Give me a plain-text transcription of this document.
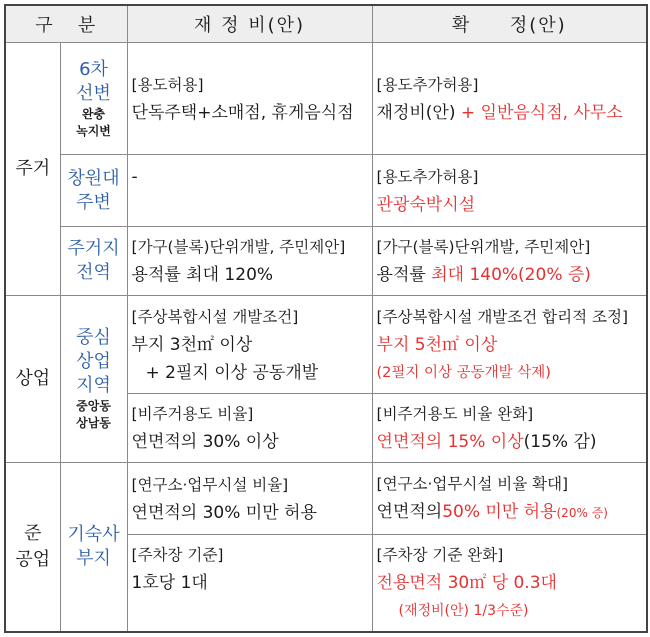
구   분		재 정 비(안)	확     정(안)
주거	6차
선변
완충
녹지변	[용도허용]
단독주택+소매점, 휴게음식점	[용도추가허용]
재정비(안) + 일반음식점, 사무소

	창원대
주변	-	[용도추가허용]
관광숙박시설

	주거지
전역	[가구(블록)단위개발, 주민제안]
용적률 최대 120%	[가구(블록)단위개발, 주민제안]
용적률 최대 140%(20% 증)

상업	중심
상업
지역
중앙동
상남동	[주상복합시설 개발조건]
부지 3천㎡ 이상
+ 2필지 이상 공동개발	[주상복합시설 개발조건 합리적 조정]
부지 5천㎡ 이상
(2필지 이상 공동개발 삭제)

		[비주거용도 비율]
연면적의 30% 이상	[비주거용도 비율 완화]
연면적의 15% 이상(15% 감)

준
공업	기숙사
부지	[연구소·업무시설 비율]
연면적의 30% 미만 허용	[연구소·업무시설 비율 확대]
연면적의50% 미만 허용(20% 증)

		[주차장 기준]
1호당 1대	[주차장 기준 완화]
전용면적 30㎡ 당 0.3대
(재정비(안) 1/3수준)
